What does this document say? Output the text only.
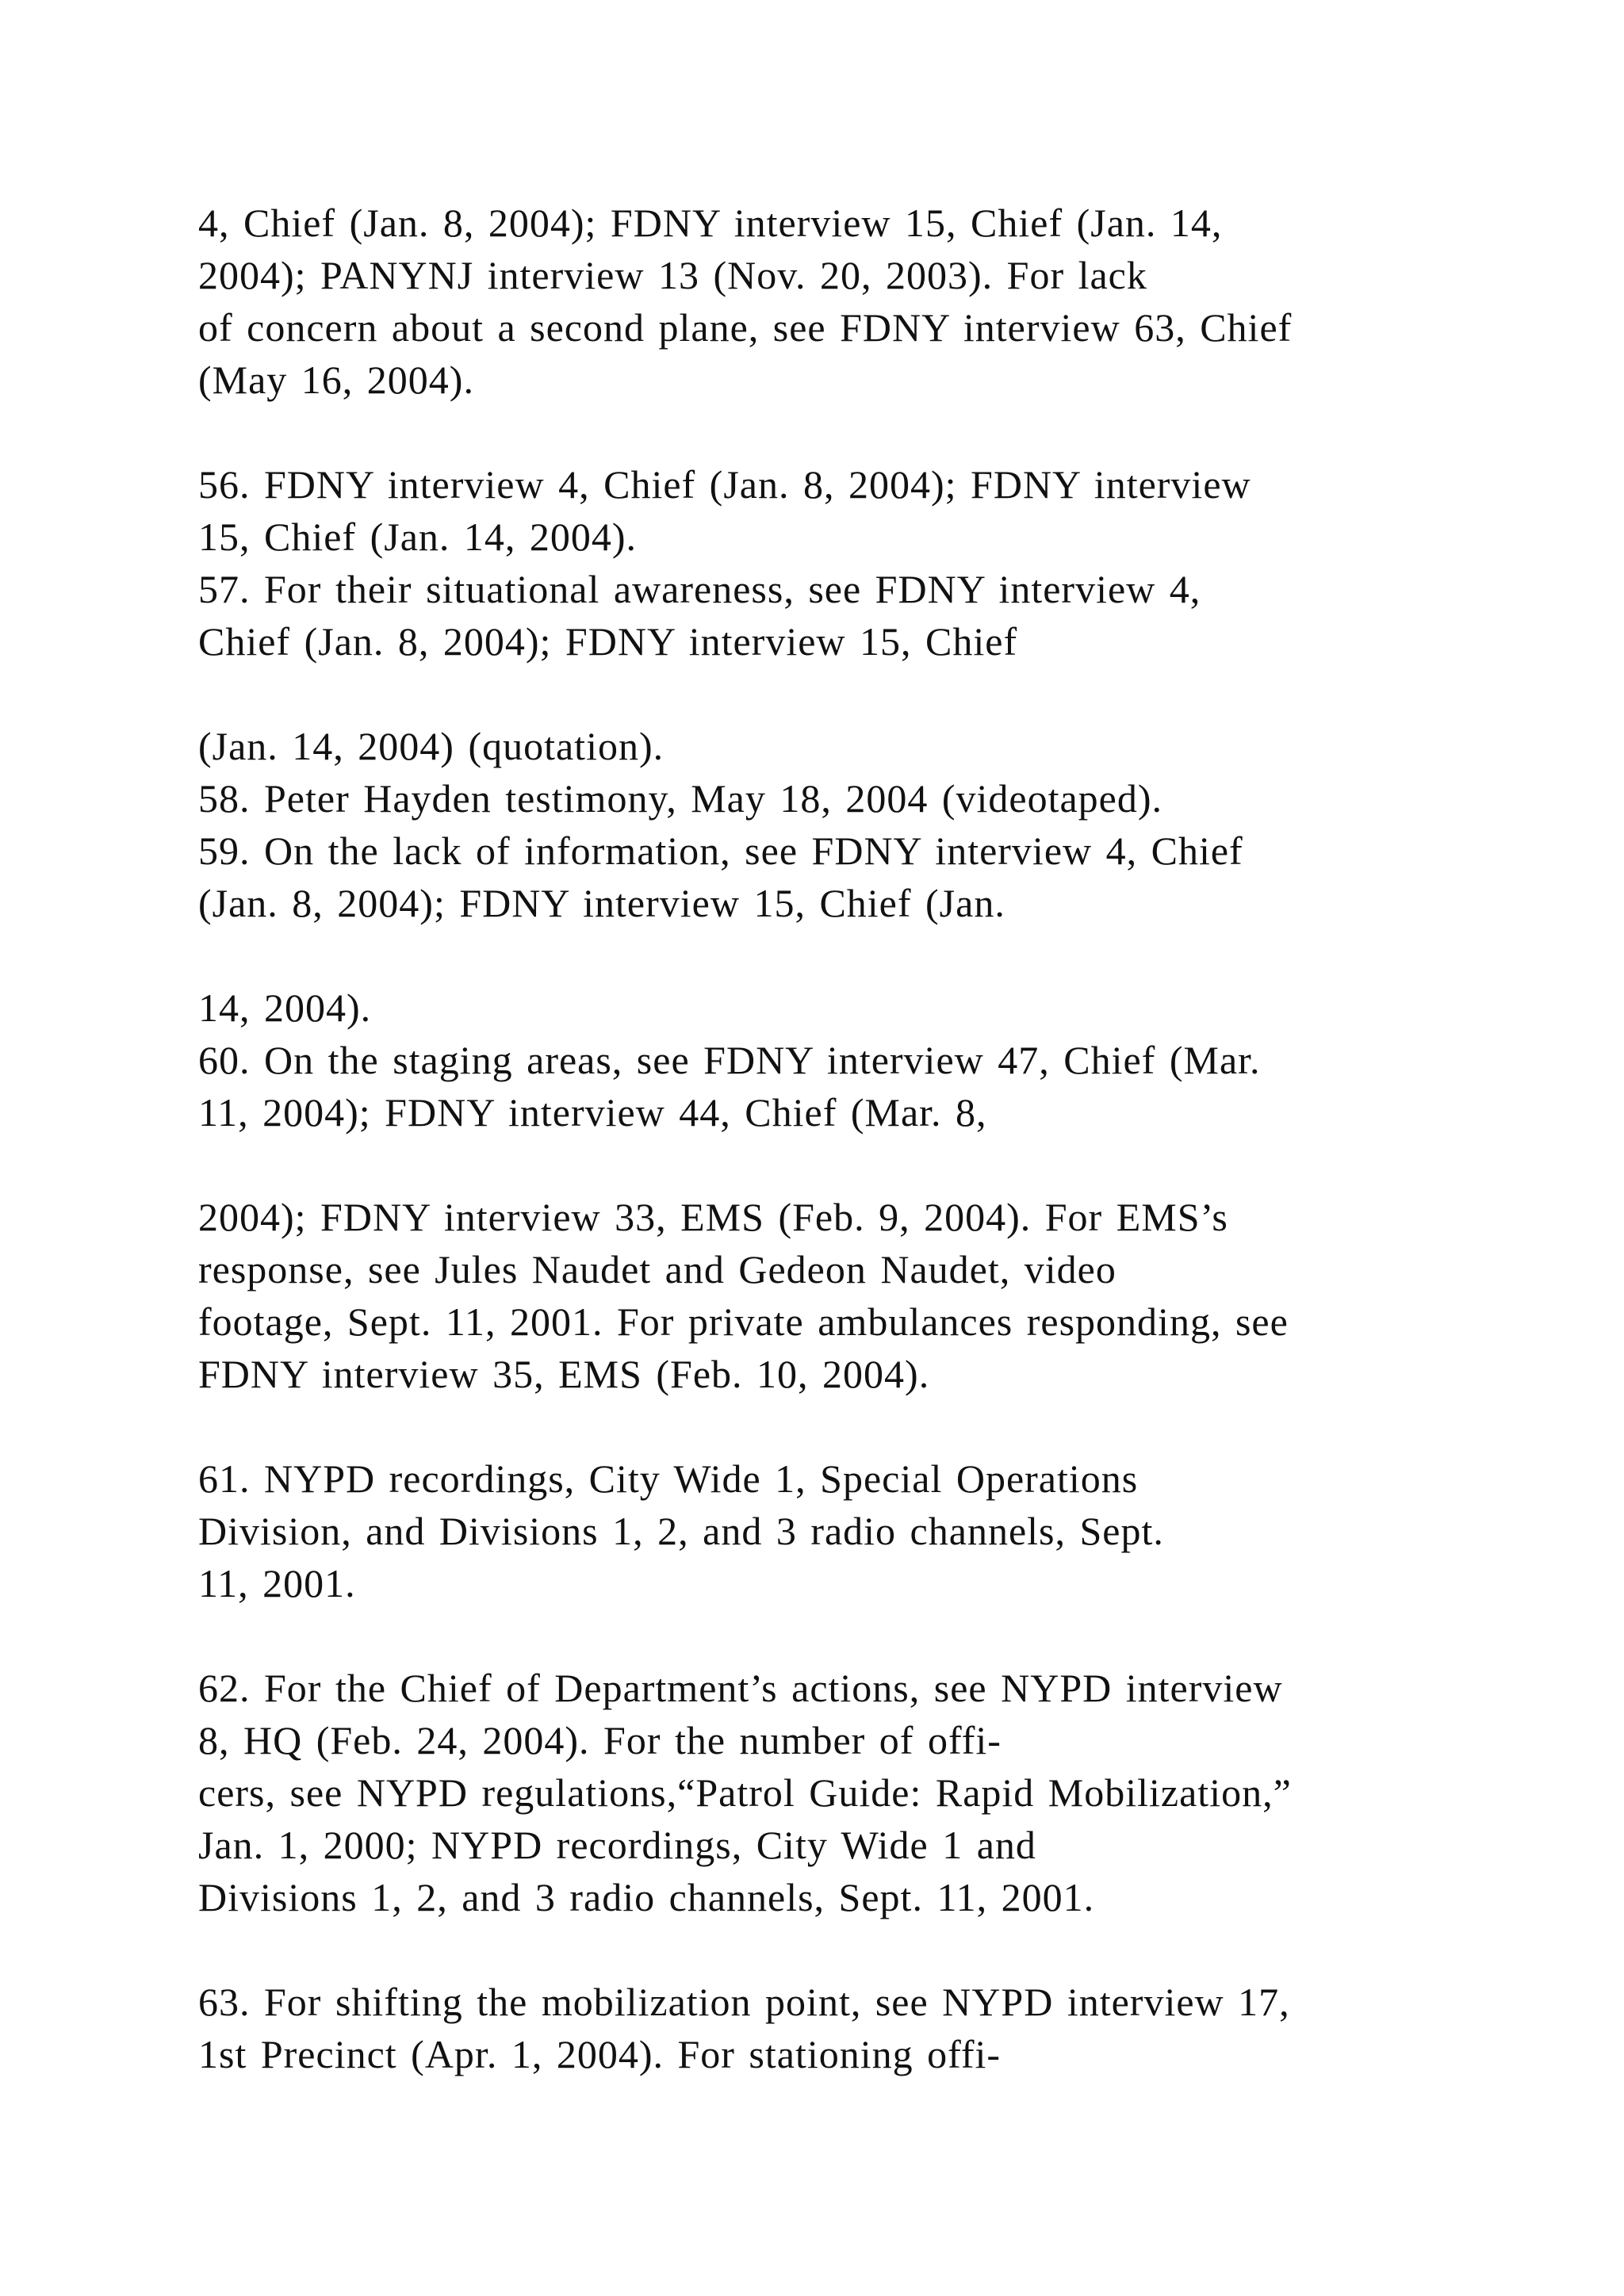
4, Chief (Jan. 8, 2004); FDNY interview 15, Chief (Jan. 14,
2004); PANYNJ interview 13 (Nov. 20, 2003). For lack
of concern about a second plane, see FDNY interview 63, Chief
(May 16, 2004).
56. FDNY interview 4, Chief (Jan. 8, 2004); FDNY interview
15, Chief (Jan. 14, 2004).
57. For their situational awareness, see FDNY interview 4,
Chief (Jan. 8, 2004); FDNY interview 15, Chief
(Jan. 14, 2004) (quotation).
58. Peter Hayden testimony, May 18, 2004 (videotaped).
59. On the lack of information, see FDNY interview 4, Chief
(Jan. 8, 2004); FDNY interview 15, Chief (Jan.
14, 2004).
60. On the staging areas, see FDNY interview 47, Chief (Mar.
11, 2004); FDNY interview 44, Chief (Mar. 8,
2004); FDNY interview 33, EMS (Feb. 9, 2004). For EMS’s
response, see Jules Naudet and Gedeon Naudet, video
footage, Sept. 11, 2001. For private ambulances responding, see
FDNY interview 35, EMS (Feb. 10, 2004).
61. NYPD recordings, City Wide 1, Special Operations
Division, and Divisions 1, 2, and 3 radio channels, Sept.
11, 2001.
62. For the Chief of Department’s actions, see NYPD interview
8, HQ (Feb. 24, 2004). For the number of offi-
cers, see NYPD regulations,“Patrol Guide: Rapid Mobilization,”
Jan. 1, 2000; NYPD recordings, City Wide 1 and
Divisions 1, 2, and 3 radio channels, Sept. 11, 2001.
63. For shifting the mobilization point, see NYPD interview 17,
1st Precinct (Apr. 1, 2004). For stationing offi-
